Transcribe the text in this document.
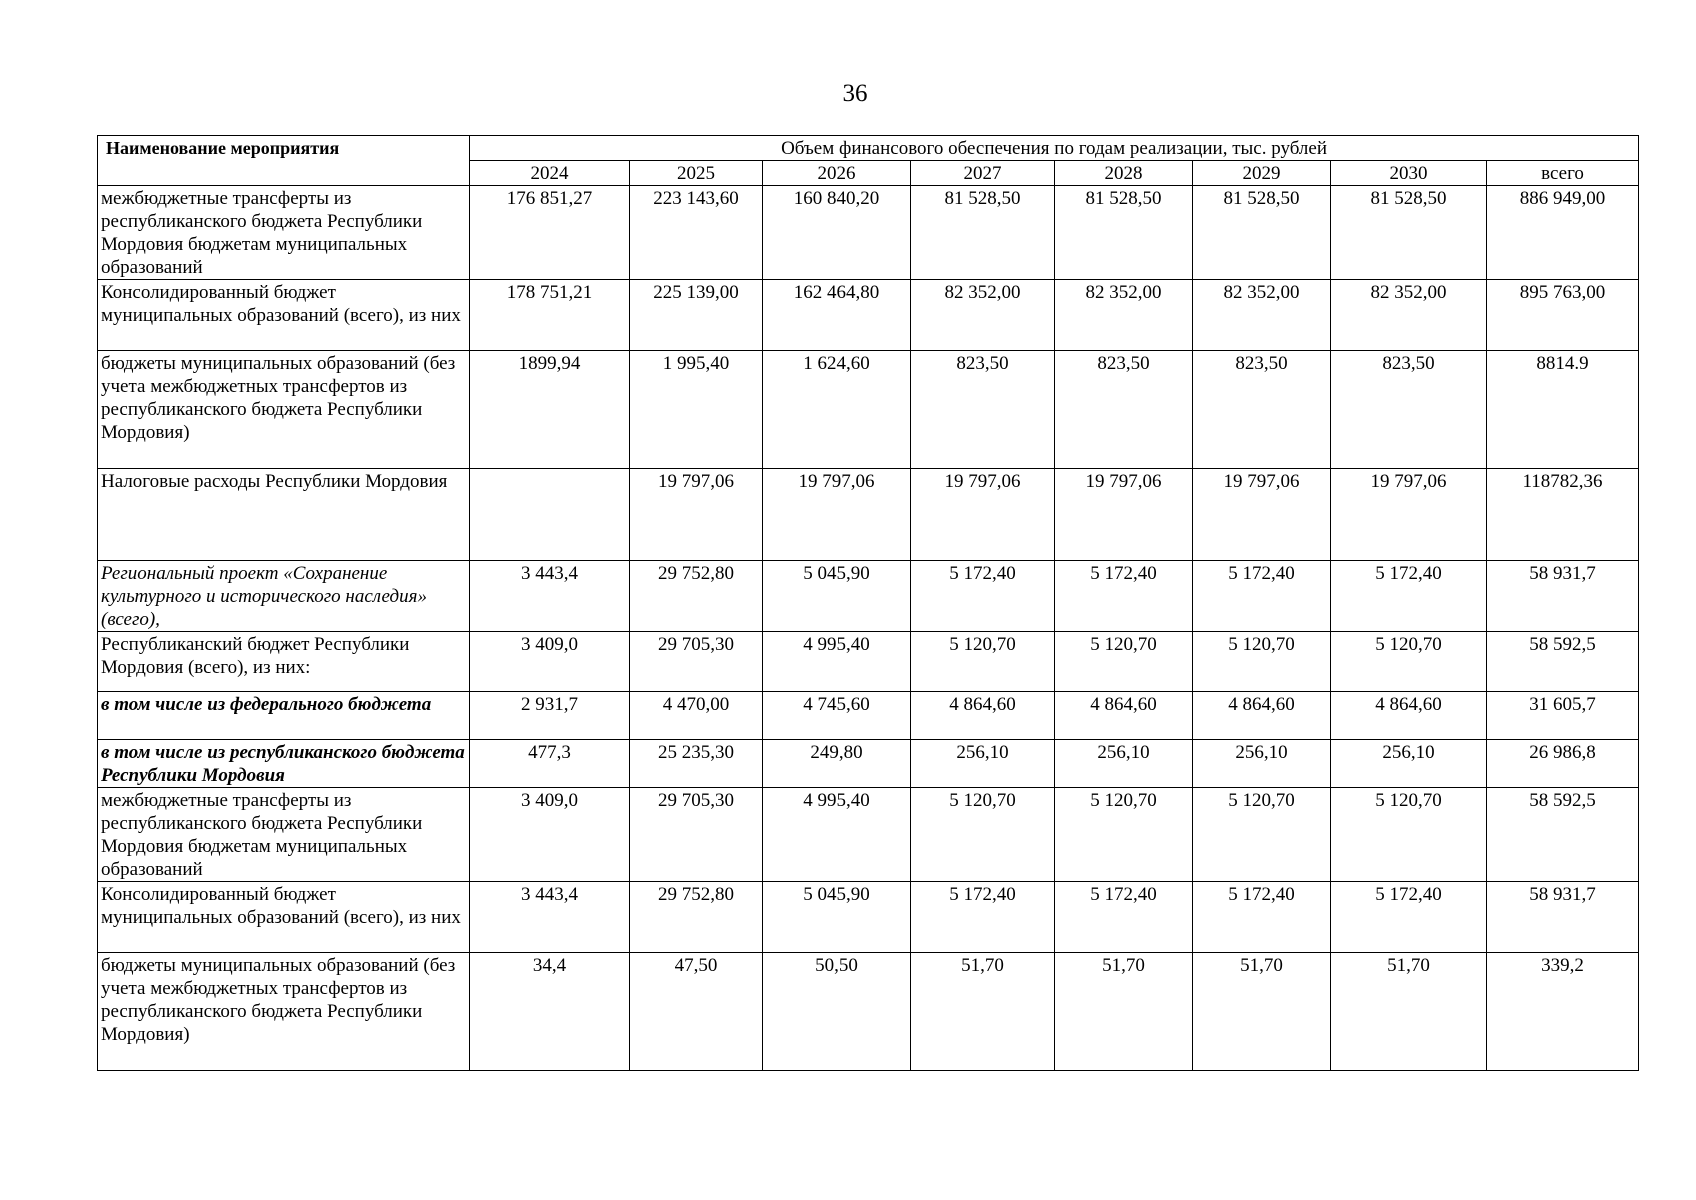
36
Наименование мероприятия	Объем финансового обеспечения по годам реализации, тыс. рублей							
	2024	2025	2026	2027	2028	2029	2030	всего
межбюджетные трансферты из республиканского бюджета Республики Мордовия бюджетам муниципальных образований	176 851,27	223 143,60	160 840,20	81 528,50	81 528,50	81 528,50	81 528,50	886 949,00
Консолидированный бюджет муниципальных образований (всего), из них	178 751,21	225 139,00	162 464,80	82 352,00	82 352,00	82 352,00	82 352,00	895 763,00
бюджеты муниципальных образований (без учета межбюджетных трансфертов из республиканского бюджета Республики Мордовия)	1899,94	1 995,40	1 624,60	823,50	823,50	823,50	823,50	8814.9
Налоговые расходы Республики Мордовия		19 797,06	19 797,06	19 797,06	19 797,06	19 797,06	19 797,06	118782,36
Региональный проект «Сохранение культурного и исторического наследия» (всего),	3 443,4	29 752,80	5 045,90	5 172,40	5 172,40	5 172,40	5 172,40	58 931,7
Республиканский бюджет Республики Мордовия (всего), из них:	3 409,0	29 705,30	4 995,40	5 120,70	5 120,70	5 120,70	5 120,70	58 592,5
в том числе из федерального бюджета	2 931,7	4 470,00	4 745,60	4 864,60	4 864,60	4 864,60	4 864,60	31 605,7
в том числе из республиканского бюджета Республики Мордовия	477,3	25 235,30	249,80	256,10	256,10	256,10	256,10	26 986,8
межбюджетные трансферты из республиканского бюджета Республики Мордовия бюджетам муниципальных образований	3 409,0	29 705,30	4 995,40	5 120,70	5 120,70	5 120,70	5 120,70	58 592,5
Консолидированный бюджет муниципальных образований (всего), из них	3 443,4	29 752,80	5 045,90	5 172,40	5 172,40	5 172,40	5 172,40	58 931,7
бюджеты муниципальных образований (без учета межбюджетных трансфертов из республиканского бюджета Республики Мордовия)	34,4	47,50	50,50	51,70	51,70	51,70	51,70	339,2
